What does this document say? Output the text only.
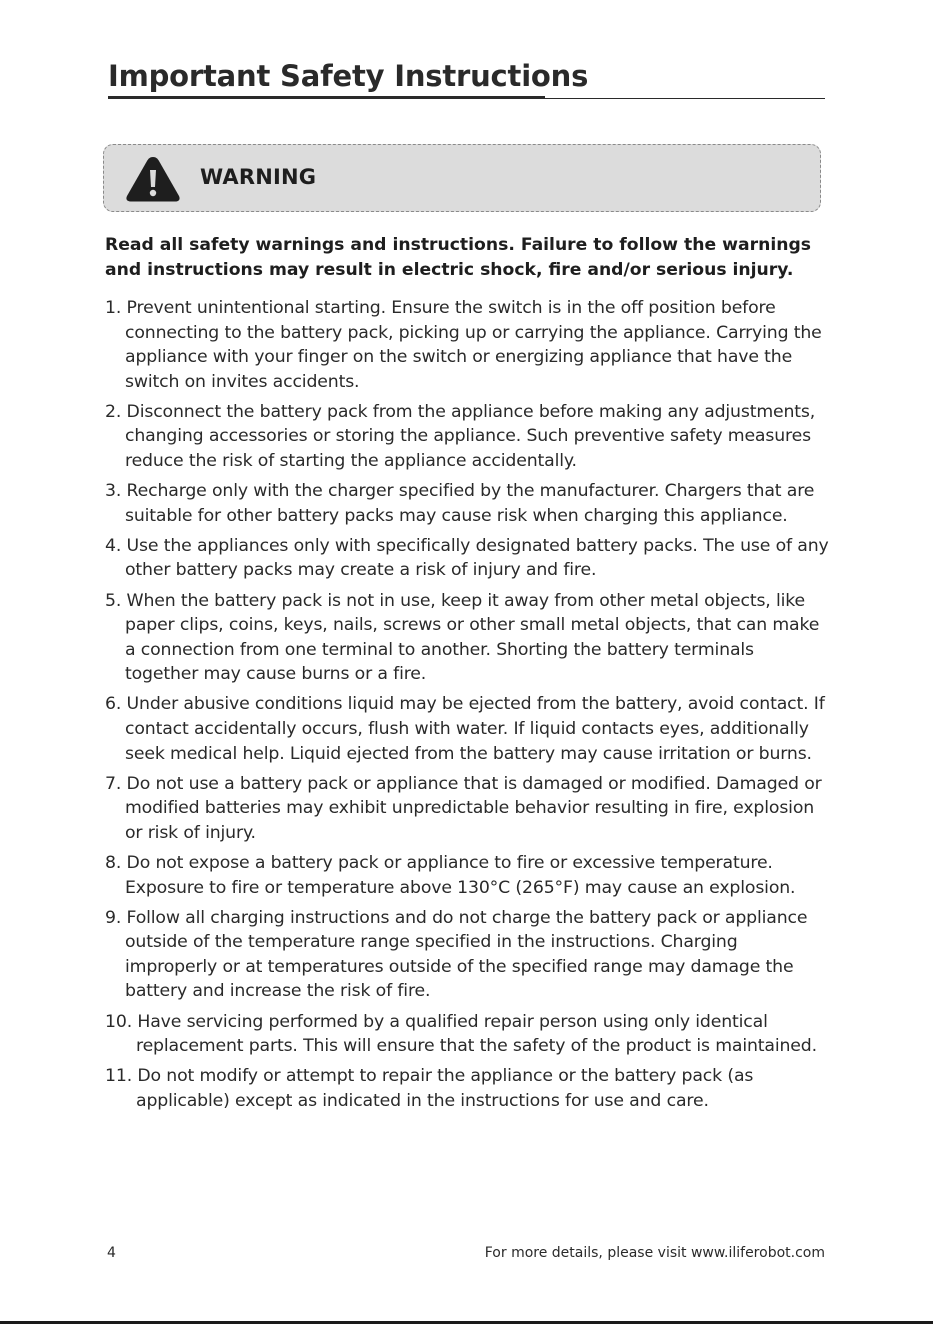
Important Safety Instructions
WARNING

Read all safety warnings and instructions. Failure to follow the warnings and instructions may result in electric shock, fire and/or serious injury.

1. Prevent unintentional starting. Ensure the switch is in the off position before connecting to the battery pack, picking up or carrying the appliance. Carrying the appliance with your finger on the switch or energizing appliance that have the switch on invites accidents.
2. Disconnect the battery pack from the appliance before making any adjustments, changing accessories or storing the appliance. Such preventive safety measures reduce the risk of starting the appliance accidentally.
3. Recharge only with the charger specified by the manufacturer. Chargers that are suitable for other battery packs may cause risk when charging this appliance.
4. Use the appliances only with specifically designated battery packs. The use of any other battery packs may create a risk of injury and fire.
5. When the battery pack is not in use, keep it away from other metal objects, like paper clips, coins, keys, nails, screws or other small metal objects, that can make a connection from one terminal to another. Shorting the battery terminals together may cause burns or a fire.
6. Under abusive conditions liquid may be ejected from the battery, avoid contact. If contact accidentally occurs, flush with water. If liquid contacts eyes, additionally seek medical help. Liquid ejected from the battery may cause irritation or burns.
7. Do not use a battery pack or appliance that is damaged or modified. Damaged or modified batteries may exhibit unpredictable behavior resulting in fire, explosion or risk of injury.
8. Do not expose a battery pack or appliance to fire or excessive temperature. Exposure to fire or temperature above 130°C (265°F) may cause an explosion.
9. Follow all charging instructions and do not charge the battery pack or appliance outside of the temperature range specified in the instructions. Charging improperly or at temperatures outside of the specified range may damage the battery and increase the risk of fire.
10. Have servicing performed by a qualified repair person using only identical replacement parts. This will ensure that the safety of the product is maintained.
11. Do not modify or attempt to repair the appliance or the battery pack (as applicable) except as indicated in the instructions for use and care.
4	For more details, please visit www.iliferobot.com
